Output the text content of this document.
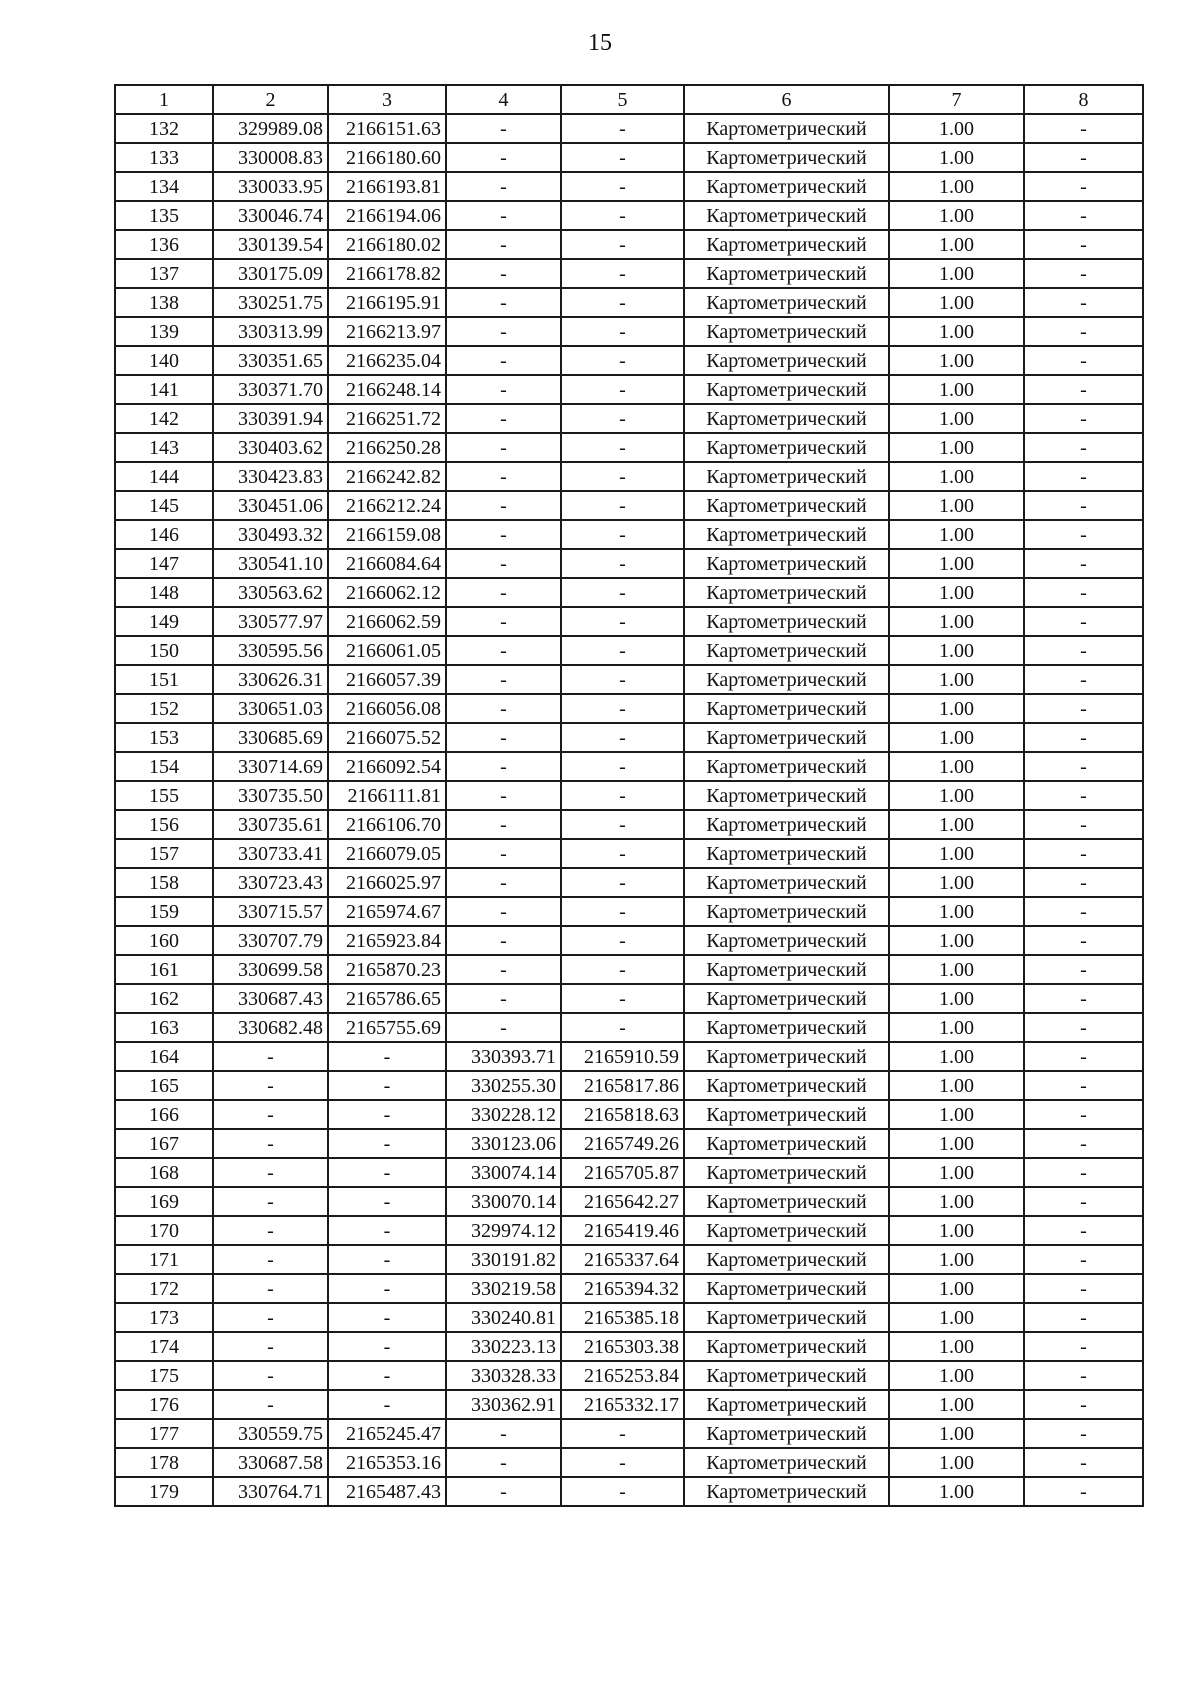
15
1	2	3	4	5	6	7	8
132	329989.08	2166151.63	-	-	Картометрический	1.00	-
133	330008.83	2166180.60	-	-	Картометрический	1.00	-
134	330033.95	2166193.81	-	-	Картометрический	1.00	-
135	330046.74	2166194.06	-	-	Картометрический	1.00	-
136	330139.54	2166180.02	-	-	Картометрический	1.00	-
137	330175.09	2166178.82	-	-	Картометрический	1.00	-
138	330251.75	2166195.91	-	-	Картометрический	1.00	-
139	330313.99	2166213.97	-	-	Картометрический	1.00	-
140	330351.65	2166235.04	-	-	Картометрический	1.00	-
141	330371.70	2166248.14	-	-	Картометрический	1.00	-
142	330391.94	2166251.72	-	-	Картометрический	1.00	-
143	330403.62	2166250.28	-	-	Картометрический	1.00	-
144	330423.83	2166242.82	-	-	Картометрический	1.00	-
145	330451.06	2166212.24	-	-	Картометрический	1.00	-
146	330493.32	2166159.08	-	-	Картометрический	1.00	-
147	330541.10	2166084.64	-	-	Картометрический	1.00	-
148	330563.62	2166062.12	-	-	Картометрический	1.00	-
149	330577.97	2166062.59	-	-	Картометрический	1.00	-
150	330595.56	2166061.05	-	-	Картометрический	1.00	-
151	330626.31	2166057.39	-	-	Картометрический	1.00	-
152	330651.03	2166056.08	-	-	Картометрический	1.00	-
153	330685.69	2166075.52	-	-	Картометрический	1.00	-
154	330714.69	2166092.54	-	-	Картометрический	1.00	-
155	330735.50	2166111.81	-	-	Картометрический	1.00	-
156	330735.61	2166106.70	-	-	Картометрический	1.00	-
157	330733.41	2166079.05	-	-	Картометрический	1.00	-
158	330723.43	2166025.97	-	-	Картометрический	1.00	-
159	330715.57	2165974.67	-	-	Картометрический	1.00	-
160	330707.79	2165923.84	-	-	Картометрический	1.00	-
161	330699.58	2165870.23	-	-	Картометрический	1.00	-
162	330687.43	2165786.65	-	-	Картометрический	1.00	-
163	330682.48	2165755.69	-	-	Картометрический	1.00	-
164	-	-	330393.71	2165910.59	Картометрический	1.00	-
165	-	-	330255.30	2165817.86	Картометрический	1.00	-
166	-	-	330228.12	2165818.63	Картометрический	1.00	-
167	-	-	330123.06	2165749.26	Картометрический	1.00	-
168	-	-	330074.14	2165705.87	Картометрический	1.00	-
169	-	-	330070.14	2165642.27	Картометрический	1.00	-
170	-	-	329974.12	2165419.46	Картометрический	1.00	-
171	-	-	330191.82	2165337.64	Картометрический	1.00	-
172	-	-	330219.58	2165394.32	Картометрический	1.00	-
173	-	-	330240.81	2165385.18	Картометрический	1.00	-
174	-	-	330223.13	2165303.38	Картометрический	1.00	-
175	-	-	330328.33	2165253.84	Картометрический	1.00	-
176	-	-	330362.91	2165332.17	Картометрический	1.00	-
177	330559.75	2165245.47	-	-	Картометрический	1.00	-
178	330687.58	2165353.16	-	-	Картометрический	1.00	-
179	330764.71	2165487.43	-	-	Картометрический	1.00	-
